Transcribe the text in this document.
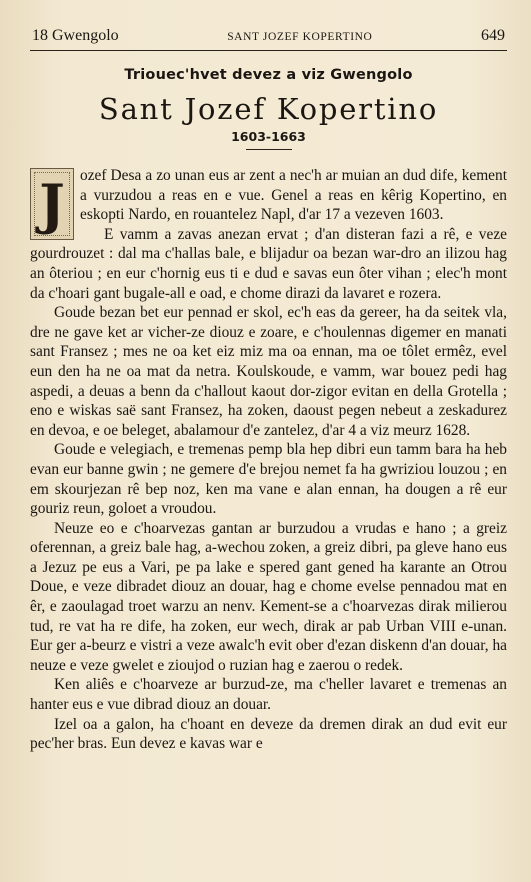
18 Gwengolo	SANT JOZEF KOPERTINO	649
Triouec'hvet devez a viz Gwengolo
Sant Jozef Kopertino
1603-1663

J ozef Desa a zo unan eus ar zent a nec'h ar muian an dud dife, kement a vurzudou a reas en e vue. Genel a reas en kêrig Kopertino, en eskopti Nardo, en rouantelez Napl, d'ar 17 a vezeven 1603.

E vamm a zavas anezan ervat ; d'an disteran fazi a rê, e veze gourdrouzet : dal ma c'hallas bale, e blijadur oa bezan war-dro an ilizou hag an ôteriou ; en eur c'hornig eus ti e dud e savas eun ôter vihan ; elec'h mont da c'hoari gant bugale-all e oad, e chome dirazi da lavaret e rozera.

Goude bezan bet eur pennad er skol, ec'h eas da gereer, ha da seitek vla, dre ne gave ket ar vicher-ze diouz e zoare, e c'houlennas digemer en manati sant Fransez ; mes ne oa ket eiz miz ma oa ennan, ma oe tôlet ermêz, evel eun den ha ne oa mat da netra. Koulskoude, e vamm, war bouez pedi hag aspedi, a deuas a benn da c'hallout kaout dor-zigor evitan en della Grotella ; eno e wiskas saë sant Fransez, ha zoken, daoust pegen nebeut a zeskadurez en devoa, e oe beleget, abalamour d'e zantelez, d'ar 4 a viz meurz 1628.

Goude e velegiach, e tremenas pemp bla hep dibri eun tamm bara ha heb evan eur banne gwin ; ne gemere d'e brejou nemet fa ha gwriziou louzou ; en em skourjezan rê bep noz, ken ma vane e alan ennan, ha dougen a rê eur gouriz reun, goloet a vroudou.

Neuze eo e c'hoarvezas gantan ar burzudou a vrudas e hano ; a greiz oferennan, a greiz bale hag, a-wechou zoken, a greiz dibri, pa gleve hano eus a Jezuz pe eus a Vari, pe pa lake e spered gant gened ha karante an Otrou Doue, e veze dibradet diouz an douar, hag e chome evelse pennadou mat en êr, e zaoulagad troet warzu an nenv. Kement-se a c'hoarvezas dirak milierou tud, re vat ha re dife, ha zoken, eur wech, dirak ar pab Urban VIII e-unan. Eur ger a-beurz e vistri a veze awalc'h evit ober d'ezan diskenn d'an douar, ha neuze e veze gwelet e zioujod o ruzian hag e zaerou o redek.

Ken aliês e c'hoarveze ar burzud-ze, ma c'heller lavaret e tremenas an hanter eus e vue dibrad diouz an douar.

Izel oa a galon, ha c'hoant en deveze da dremen dirak an dud evit eur pec'her bras. Eun devez e kavas war e
